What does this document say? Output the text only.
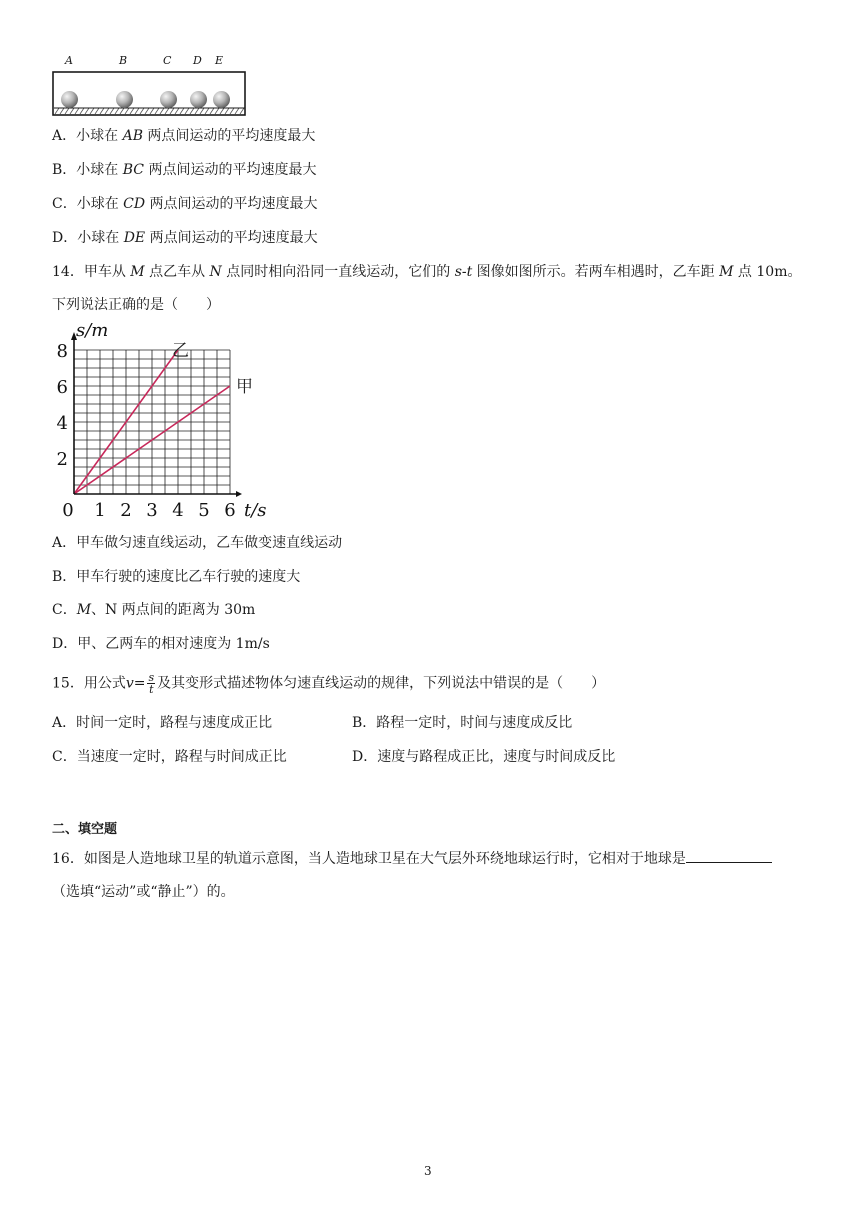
A	B	C D E
A．小球在 AB 两点间运动的平均速度最大
B．小球在 BC 两点间运动的平均速度最大
C．小球在 CD 两点间运动的平均速度最大
D．小球在 DE 两点间运动的平均速度最大
14．甲车从 M 点乙车从 N 点同时相向沿同一直线运动，它们的 s-t 图像如图所示。若两车相遇时，乙车距 M 点 10m。
下列说法正确的是（　　）
0 1 2 3 4 5 6
2
4
6
8
s/m
t/s
乙
甲
A．甲车做匀速直线运动，乙车做变速直线运动
B．甲车行驶的速度比乙车行驶的速度大
C．M、N 两点间的距离为 30m
D．甲、乙两车的相对速度为 1m/s
15．用公式$v= \frac{s}{t}$ 及其变形式描述物体匀速直线运动的规律，下列说法中错误的是（　　）
A．时间一定时，路程与速度成正比	B．路程一定时，时间与速度成反比
C．当速度一定时，路程与时间成正比	D．速度与路程成正比，速度与时间成反比
二、填空题
16．如图是人造地球卫星的轨道示意图，当人造地球卫星在大气层外环绕地球运行时，它相对于地球是
（选填“运动”或“静止”）的。
3
